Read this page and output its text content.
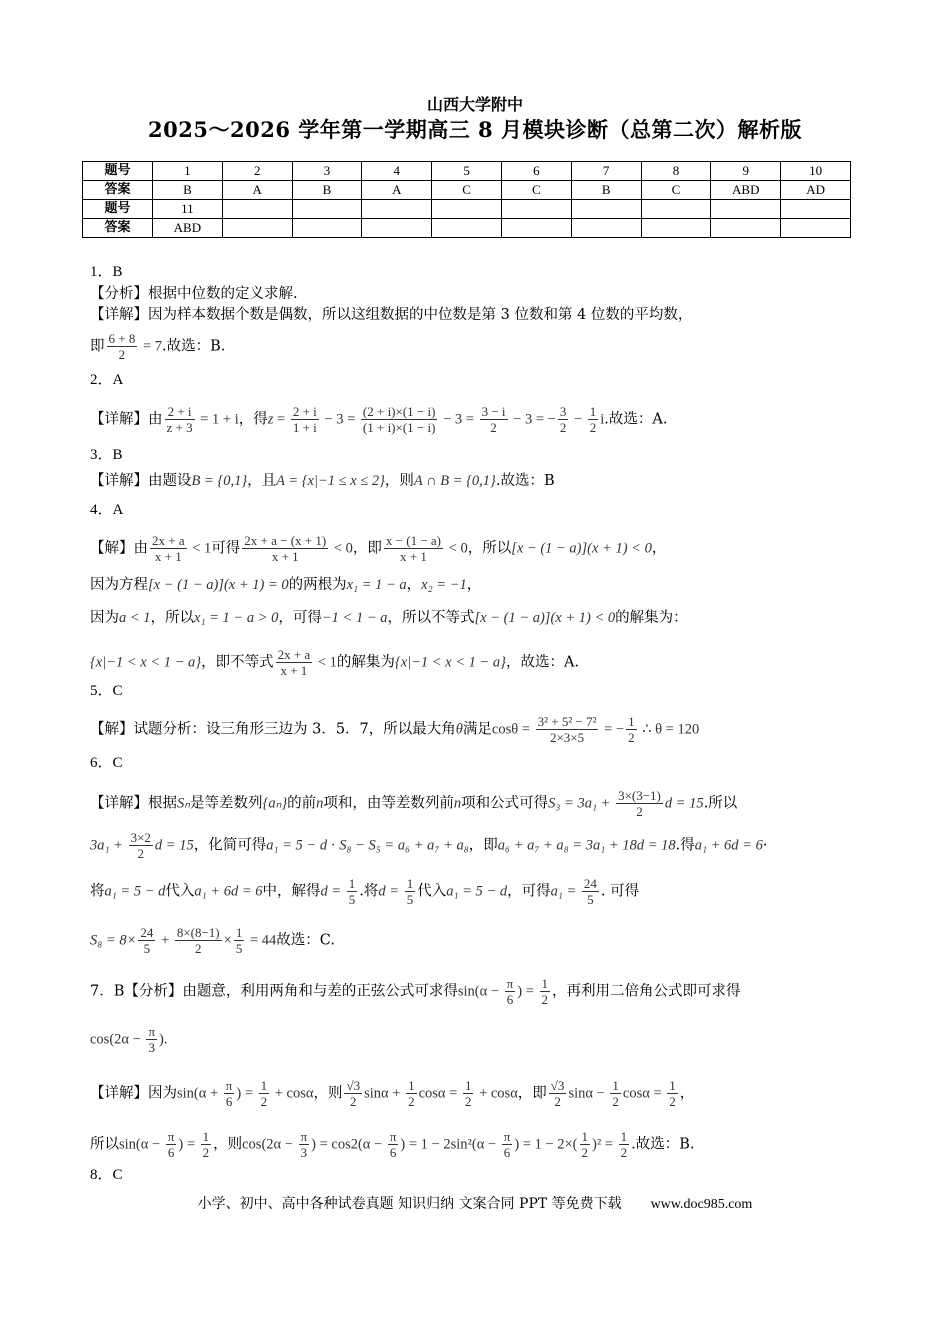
山西大学附中
2025～2026 学年第一学期高三 8 月模块诊断（总第二次）解析版
题号	1	2	3	4	5	6	7	8	9	10
答案	B	A	B	A	C	C	B	C	ABD	AD
题号	11									
答案	ABD									
1．B
【分析】根据中位数的定义求解.
【详解】因为样本数据个数是偶数，所以这组数据的中位数是第 3 位数和第 4 位数的平均数，
即 $\frac{6 + 8}{2} = 7$.故选：B.
2．A
【详解】由 $\frac{2 + i}{z + 3} = 1 + i$，得$z = \frac{2 + i}{1 + i} - 3 = \frac{(2 + i)\times(1 - i)}{(1 + i)\times(1 - i)} - 3 = \frac{3 - i}{2} - 3$ = − $\frac{3}{2} - \frac{1}{2} i$.故选：A.
3．B
【详解】由题设B = {0,1}，且A = {x|−1 ≤ x ≤ 2}，则A ∩ B = {0,1}.故选：B
4．A
【解】由 $\frac{2x + a}{x + 1} < 1$可得 $\frac{2x + a - (x + 1)}{x + 1} < 0$，即 $\frac{x - (1 - a)}{x + 1} < 0$，所以[x − (1 − a)](x + 1) < 0，
因为方程[x − (1 − a)](x + 1) = 0的两根为x₁ = 1 − a，x₂ = −1，
因为a < 1，所以x₁ = 1 − a > 0，可得−1 < 1 − a，所以不等式[x − (1 − a)](x + 1) < 0的解集为：
{x|−1 < x < 1 − a}，即不等式 $\frac{2x + a}{x + 1} < 1$的解集为{x|−1 < x < 1 − a}，故选：A.
5．C
【解】试题分析：设三角形三边为 3．5．7，所以最大角θ满足$\cos\theta = \frac{\text{3² + 5² − 7²}}{2\times 3\times 5}$ = − $\frac{1}{2}$ ∴ θ = 120
6．C
【详解】根据Sₙ是等差数列{aₙ}的前n项和，由等差数列前n项和公式可得$S_3 = 3a_1 + \frac{3\times(3-1)}{2}$ d = 15.所以
$3a_1 + \frac{3\times 2}{2}$ d = 15，化简可得a₁ = 5 − d · S₈ − S₅ = a₆ + a₇ + a₈，即a₆ + a₇ + a₈ = 3a₁ + 18d = 18.得a₁ + 6d = 6·
将a₁ = 5 − d代入a₁ + 6d = 6中，解得$d = \frac{1}{5}$ .将$d = \frac{1}{5}$ 代入a₁ = 5 − d，可得$a_1 = \frac{24}{5}$ . 可得
$S_8 = 8\times \frac{24}{5} + \frac{8\times(8-1)}{2} \times \frac{1}{5} = 44$故选：C.
7．B【分析】由题意，利用两角和与差的正弦公式可求得$\sin(\alpha - \frac{\pi}{6}$ ) = $\frac{1}{2}$ ，再利用二倍角公式即可求得
$\cos(2\alpha - \frac{\pi}{3}$ ).
【详解】因为$\sin(\alpha + \frac{\pi}{6}$ ) = $\frac{1}{2} + \cos\alpha$，则 $\frac{√3}{2}$ $\sin\alpha + \frac{1}{2}$ $\cos\alpha = \frac{1}{2} + \cos\alpha$，即 $\frac{√3}{2}$ $\sin\alpha - \frac{1}{2}$ $\cos\alpha = \frac{1}{2}$ ，
所以$\sin(\alpha - \frac{\pi}{6}$ ) = $\frac{1}{2}$ ，则$\cos(2\alpha - \frac{\pi}{3}$ ) = $\cos 2(\alpha - \frac{\pi}{6}$ ) = $1 - 2\sin^2(\alpha - \frac{\pi}{6}$ ) = $1 - 2\times( \frac{1}{2} )^2 = \frac{1}{2}$ .故选：B.
8．C
小学、初中、高中各种试卷真题 知识归纳 文案合同 PPT 等免费下载 www.doc985.com
